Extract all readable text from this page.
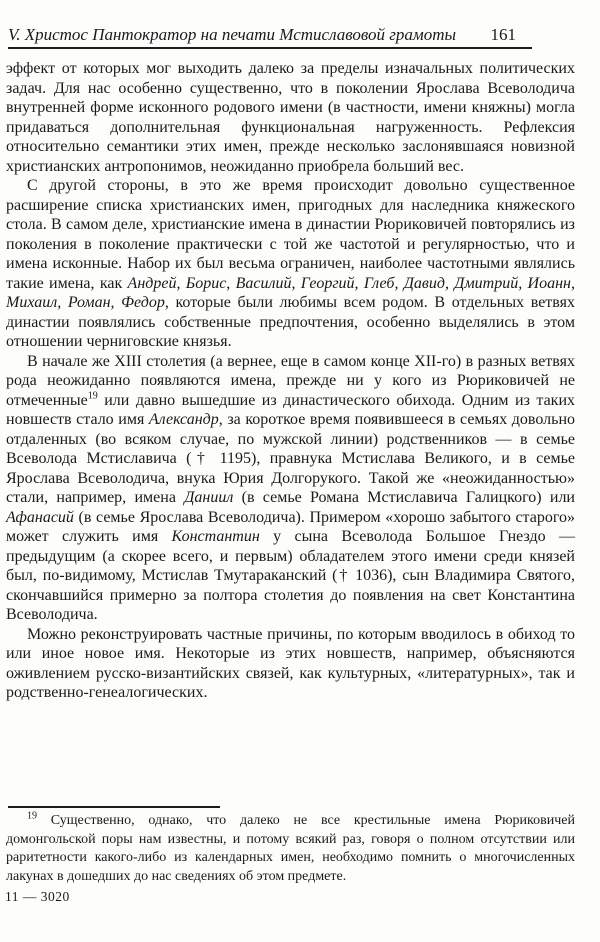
V. Христос Пантократор на печати Мстиславовой грамоты 161

эффект от которых мог выходить далеко за пределы изначальных политических задач. Для нас особенно существенно, что в поколении Ярослава Всеволодича внутренней форме исконного родового имени (в частности, имени княжны) могла придаваться дополнительная функциональная нагруженность. Рефлексия относительно семантики этих имен, прежде несколько заслонявшаяся новизной христианских антропонимов, неожиданно приобрела больший вес.

С другой стороны, в это же время происходит довольно существенное расширение списка христианских имен, пригодных для наследника княжеского стола. В самом деле, христианские имена в династии Рюриковичей повторялись из поколения в поколение практически с той же частотой и регулярностью, что и имена исконные. Набор их был весьма ограничен, наиболее частотными являлись такие имена, как Андрей, Борис, Василий, Георгий, Глеб, Давид, Дмитрий, Иоанн, Михаил, Роман, Федор, которые были любимы всем родом. В отдельных ветвях династии появлялись собственные предпочтения, особенно выделялись в этом отношении черниговские князья.

В начале же XIII столетия (а вернее, еще в самом конце XII-го) в разных ветвях рода неожиданно появляются имена, прежде ни у кого из Рюриковичей не отмеченные$^{19}$ или давно вышедшие из династического обихода. Одним из таких новшеств стало имя Александр, за короткое время появившееся в семьях довольно отдаленных (во всяком случае, по мужской линии) родственников — в семье Всеволода Мстиславича († 1195), правнука Мстислава Великого, и в семье Ярослава Всеволодича, внука Юрия Долгорукого. Такой же «неожиданностью» стали, например, имена Даниил (в семье Романа Мстиславича Галицкого) или Афанасий (в семье Ярослава Всеволодича). Примером «хорошо забытого старого» может служить имя Константин у сына Всеволода Большое Гнездо — предыдущим (а скорее всего, и первым) обладателем этого имени среди князей был, по-видимому, Мстислав Тмутараканский († 1036), сын Владимира Святого, скончавшийся примерно за полтора столетия до появления на свет Константина Всеволодича.

Можно реконструировать частные причины, по которым вводилось в обиход то или иное новое имя. Некоторые из этих новшеств, например, объясняются оживлением русско-византийских связей, как культурных, «литературных», так и родственно-генеалогических.

$^{19}$ Существенно, однако, что далеко не все крестильные имена Рюриковичей домонгольской поры нам известны, и потому всякий раз, говоря о полном отсутствии или раритетности какого-либо из календарных имен, необходимо помнить о многочисленных лакунах в дошедших до нас сведениях об этом предмете.
11 — 3020
